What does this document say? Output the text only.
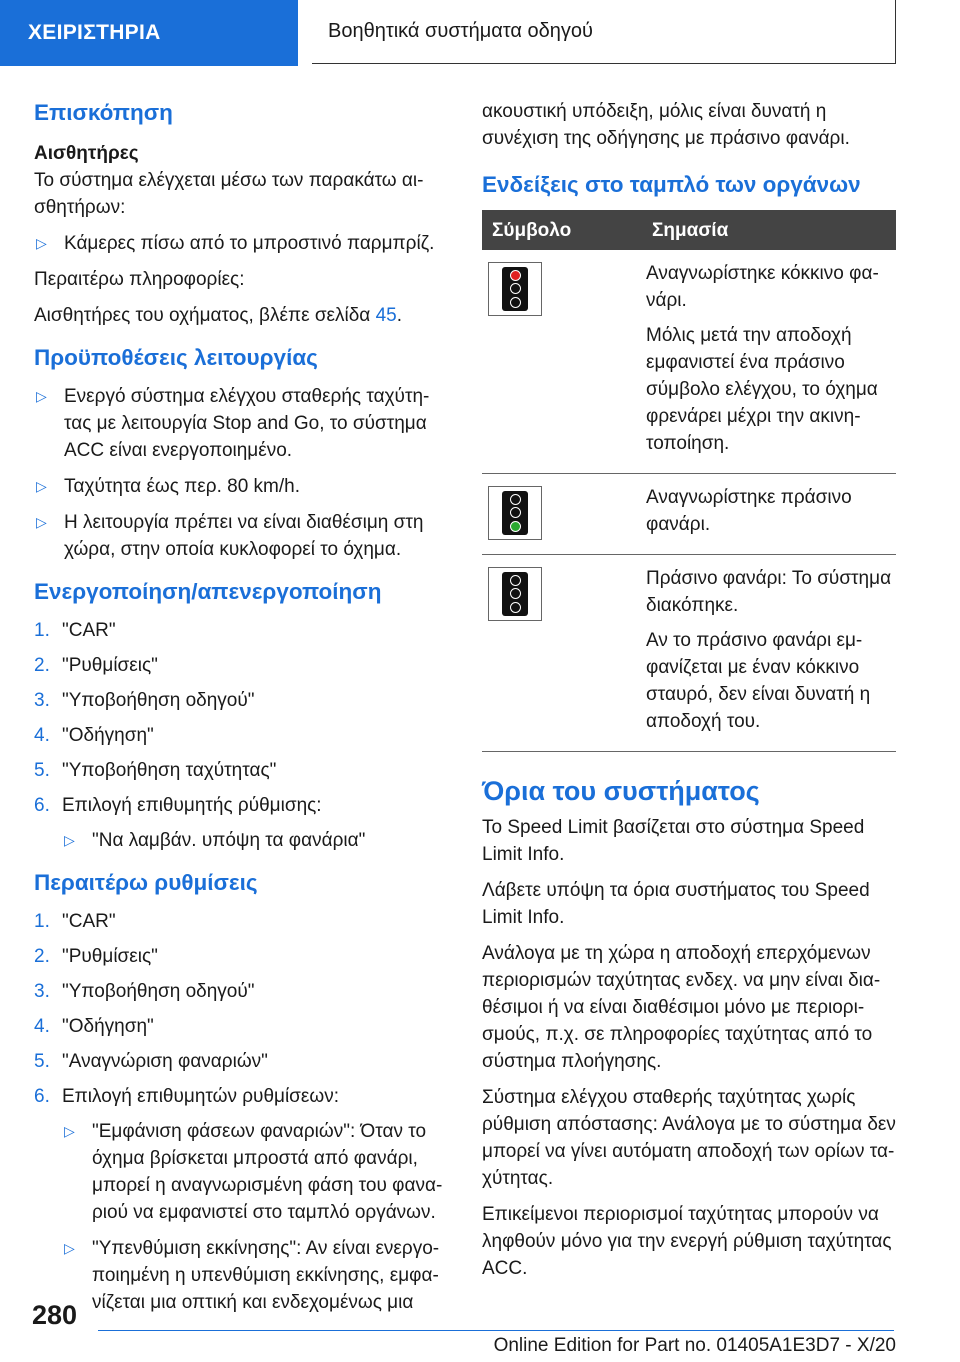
ΧΕΙΡΙΣΤΗΡΙΑ	Βοηθητικά συστήματα οδηγού
Επισκόπηση
Αισθητήρες

Το σύστημα ελέγχεται μέσω των παρακάτω αισθητήρων:

▷ Κάμερες πίσω από το μπροστινό παρμπρίζ.

Περαιτέρω πληροφορίες:

Αισθητήρες του οχήματος, βλέπε σελίδα 45.

Προϋποθέσεις λειτουργίας
▷ Ενεργό σύστημα ελέγχου σταθερής ταχύτητας με λειτουργία Stop and Go, το σύστημα ACC είναι ενεργοποιημένο.
▷ Ταχύτητα έως περ. 80 km/h.
▷ Η λειτουργία πρέπει να είναι διαθέσιμη στη χώρα, στην οποία κυκλοφορεί το όχημα.
Ενεργοποίηση/απενεργοποίηση
1. "CAR"
2. "Ρυθμίσεις"
3. "Υποβοήθηση οδηγού"
4. "Οδήγηση"
5. "Υποβοήθηση ταχύτητας"
6. Επιλογή επιθυμητής ρύθμισης:
▷ "Να λαμβάν. υπόψη τα φανάρια"
Περαιτέρω ρυθμίσεις
1. "CAR"
2. "Ρυθμίσεις"
3. "Υποβοήθηση οδηγού"
4. "Οδήγηση"
5. "Αναγνώριση φαναριών"
6. Επιλογή επιθυμητών ρυθμίσεων:
▷ "Εμφάνιση φάσεων φαναριών": Όταν το όχημα βρίσκεται μπροστά από φανάρι, μπορεί η αναγνωρισμένη φάση του φαναριού να εμφανιστεί στο ταμπλό οργάνων.
▷ "Υπενθύμιση εκκίνησης": Αν είναι ενεργοποιημένη η υπενθύμιση εκκίνησης, εμφανίζεται μια οπτική και ενδεχομένως μια

ακουστική υπόδειξη, μόλις είναι δυνατή η συνέχιση της οδήγησης με πράσινο φανάρι.

Ενδείξεις στο ταμπλό των οργάνων
Σύμβολο	Σημασία

	Αναγνωρίστηκε κόκκινο φανάρι.

Μόλις μετά την αποδοχή εμφανιστεί ένα πράσινο σύμβολο ελέγχου, το όχημα φρενάρει μέχρι την ακινητοποίηση.

	Αναγνωρίστηκε πράσινο φανάρι.

	Πράσινο φανάρι: Το σύστημα διακόπηκε.

Αν το πράσινο φανάρι εμφανίζεται με έναν κόκκινο σταυρό, δεν είναι δυνατή η αποδοχή του.

Όρια του συστήματος

Το Speed Limit βασίζεται στο σύστημα Speed Limit Info.

Λάβετε υπόψη τα όρια συστήματος του Speed Limit Info.

Ανάλογα με τη χώρα η αποδοχή επερχόμενων περιορισμών ταχύτητας ενδεχ. να μην είναι διαθέσιμοι ή να είναι διαθέσιμοι μόνο με περιορισμούς, π.χ. σε πληροφορίες ταχύτητας από το σύστημα πλοήγησης.

Σύστημα ελέγχου σταθερής ταχύτητας χωρίς ρύθμιση απόστασης: Ανάλογα με το σύστημα δεν μπορεί να γίνει αυτόματη αποδοχή των ορίων ταχύτητας.

Επικείμενοι περιορισμοί ταχύτητας μπορούν να ληφθούν μόνο για την ενεργή ρύθμιση ταχύτητας ACC.

280
Online Edition for Part no. 01405A1E3D7 - X/20
